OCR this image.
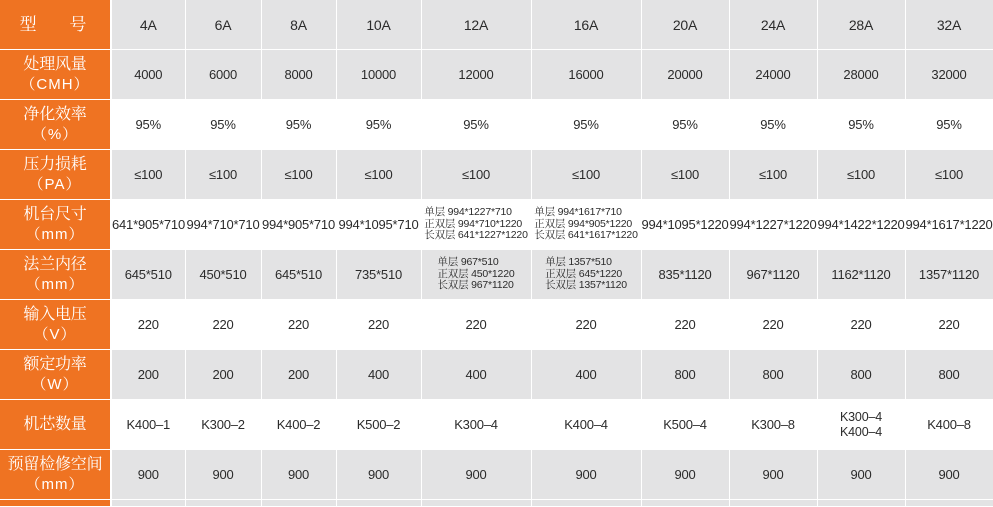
型 号	4A	6A	8A	10A	12A	16A	20A	24A	28A	32A
处理风量
（CMH）	4000	6000	8000	10000	12000	16000	20000	24000	28000	32000
净化效率
（%）	95%	95%	95%	95%	95%	95%	95%	95%	95%	95%
压力损耗
（PA）	≤100	≤100	≤100	≤100	≤100	≤100	≤100	≤100	≤100	≤100
机台尺寸
（mm）	641*905*710	994*710*710	994*905*710	994*1095*710	单层 994*1227*710
正双层 994*710*1220
长双层 641*1227*1220	单层 994*1617*710
正双层 994*905*1220
长双层 641*1617*1220	994*1095*1220	994*1227*1220	994*1422*1220	994*1617*1220
法兰内径
（mm）	645*510	450*510	645*510	735*510	单层 967*510
正双层 450*1220
长双层 967*1120	单层 1357*510
正双层 645*1220
长双层 1357*1120	835*1120	967*1120	1162*1120	1357*1120
输入电压
（V）	220	220	220	220	220	220	220	220	220	220
额定功率
（W）	200	200	200	400	400	400	800	800	800	800
机芯数量	K400–1	K300–2	K400–2	K500–2	K300–4	K400–4	K500–4	K300–8	K300–4
K400–4	K400–8
预留检修空间
（mm）	900	900	900	900	900	900	900	900	900	900
